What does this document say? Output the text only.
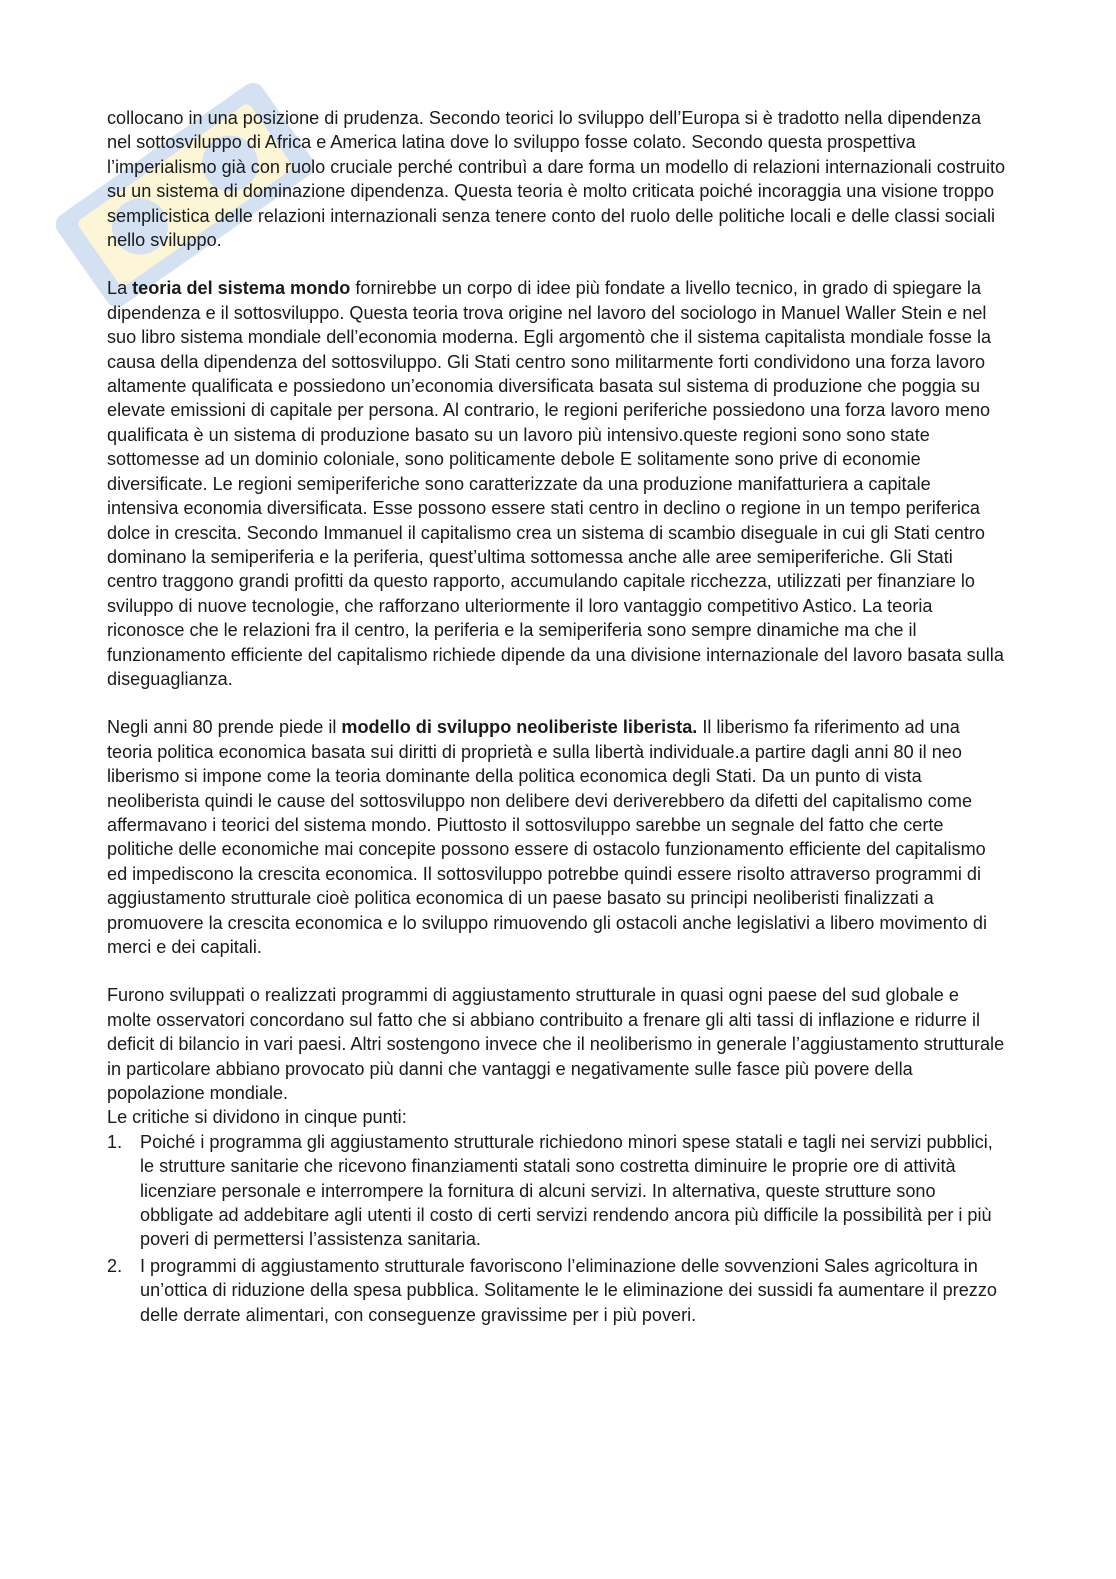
collocano in una posizione di prudenza. Secondo teorici lo sviluppo dell’Europa si è tradotto nella dipendenza nel sottosviluppo di Africa e America latina dove lo sviluppo fosse colato. Secondo questa prospettiva l’imperialismo già con ruolo cruciale perché contribuì a dare forma un modello di relazioni internazionali costruito su un sistema di dominazione dipendenza. Questa teoria è molto criticata poiché incoraggia una visione troppo semplicistica delle relazioni internazionali senza tenere conto del ruolo delle politiche locali e delle classi sociali nello sviluppo.

La teoria del sistema mondo fornirebbe un corpo di idee più fondate a livello tecnico, in grado di spiegare la dipendenza e il sottosviluppo. Questa teoria trova origine nel lavoro del sociologo in Manuel Waller Stein e nel suo libro sistema mondiale dell’economia moderna. Egli argomentò che il sistema capitalista mondiale fosse la causa della dipendenza del sottosviluppo. Gli Stati centro sono militarmente forti condividono una forza lavoro altamente qualificata e possiedono un’economia diversificata basata sul sistema di produzione che poggia su elevate emissioni di capitale per persona. Al contrario, le regioni periferiche possiedono una forza lavoro meno qualificata è un sistema di produzione basato su un lavoro più intensivo.queste regioni sono sono state sottomesse ad un dominio coloniale, sono politicamente debole E solitamente sono prive di economie diversificate. Le regioni semiperiferiche sono caratterizzate da una produzione manifatturiera a capitale intensiva economia diversificata. Esse possono essere stati centro in declino o regione in un tempo periferica dolce in crescita. Secondo Immanuel il capitalismo crea un sistema di scambio diseguale in cui gli Stati centro dominano la semiperiferia e la periferia, quest’ultima sottomessa anche alle aree semiperiferiche. Gli Stati centro traggono grandi profitti da questo rapporto, accumulando capitale ricchezza, utilizzati per finanziare lo sviluppo di nuove tecnologie, che rafforzano ulteriormente il loro vantaggio competitivo Astico. La teoria riconosce che le relazioni fra il centro, la periferia e la semiperiferia sono sempre dinamiche ma che il funzionamento efficiente del capitalismo richiede dipende da una divisione internazionale del lavoro basata sulla diseguaglianza.

Negli anni 80 prende piede il modello di sviluppo neoliberiste liberista. Il liberismo fa riferimento ad una teoria politica economica basata sui diritti di proprietà e sulla libertà individuale.a partire dagli anni 80 il neo liberismo si impone come la teoria dominante della politica economica degli Stati. Da un punto di vista neoliberista quindi le cause del sottosviluppo non delibere devi deriverebbero da difetti del capitalismo come affermavano i teorici del sistema mondo. Piuttosto il sottosviluppo sarebbe un segnale del fatto che certe politiche delle economiche mai concepite possono essere di ostacolo funzionamento efficiente del capitalismo ed impediscono la crescita economica. Il sottosviluppo potrebbe quindi essere risolto attraverso programmi di aggiustamento strutturale cioè politica economica di un paese basato su principi neoliberisti finalizzati a promuovere la crescita economica e lo sviluppo rimuovendo gli ostacoli anche legislativi a libero movimento di merci e dei capitali.

Furono sviluppati o realizzati programmi di aggiustamento strutturale in quasi ogni paese del sud globale e molte osservatori concordano sul fatto che si abbiano contribuito a frenare gli alti tassi di inflazione e ridurre il deficit di bilancio in vari paesi. Altri sostengono invece che il neoliberismo in generale l’aggiustamento strutturale in particolare abbiano provocato più danni che vantaggi e negativamente sulle fasce più povere della popolazione mondiale.

Le critiche si dividono in cinque punti:

1. Poiché i programma gli aggiustamento strutturale richiedono minori spese statali e tagli nei servizi pubblici, le strutture sanitarie che ricevono finanziamenti statali sono costretta diminuire le proprie ore di attività licenziare personale e interrompere la fornitura di alcuni servizi. In alternativa, queste strutture sono obbligate ad addebitare agli utenti il costo di certi servizi rendendo ancora più difficile la possibilità per i più poveri di permettersi l’assistenza sanitaria.
2. I programmi di aggiustamento strutturale favoriscono l’eliminazione delle sovvenzioni Sales agricoltura in un’ottica di riduzione della spesa pubblica. Solitamente le le eliminazione dei sussidi fa aumentare il prezzo delle derrate alimentari, con conseguenze gravissime per i più poveri.
